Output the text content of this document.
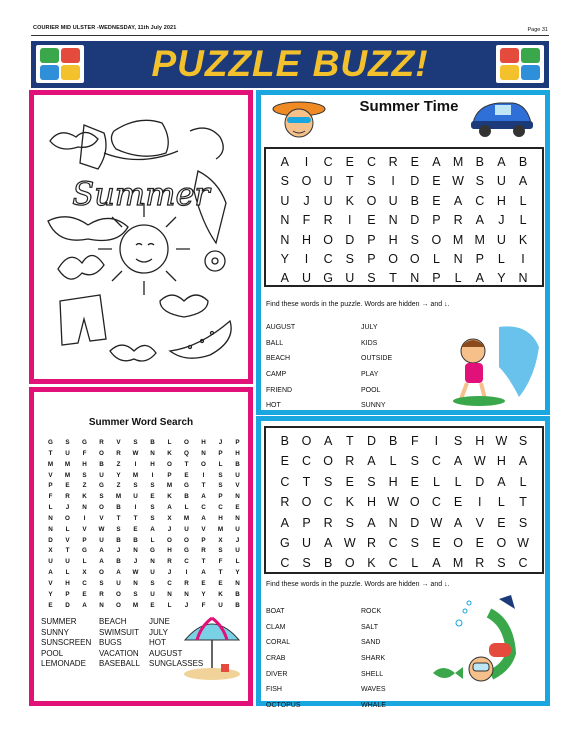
COURIER MID ULSTER -WEDNESDAY, 11th July 2021	Page 31
PUZZLE BUZZ!
Summer
Summer Word Search
G	S	G	R	V	S	B	L	O	H	J	P
T	U	F	O	R	W	N	K	Q	N	P	H
M	M	H	B	Z	I	H	O	T	O	L	B
V	M	S	U	Y	M	I	P	E	I	S	U
P	E	Z	G	Z	S	S	M	G	T	S	V
F	R	K	S	M	U	E	K	B	A	P	N
L	J	N	O	B	I	S	A	L	C	C	E
N	O	I	V	T	T	S	X	M	A	H	N
N	L	V	W	S	E	A	J	U	V	M	U
D	V	P	U	B	B	L	O	O	P	X	J
X	T	G	A	J	N	G	H	G	R	S	U
U	U	L	A	B	J	N	R	C	T	F	L
A	L	X	O	A	W	U	J	I	A	T	Y
V	H	C	S	U	N	S	C	R	E	E	N
Y	P	E	R	O	S	U	N	N	Y	K	B
E	D	A	N	O	M	E	L	J	F	U	B
SUMMER	BEACH	JUNE
SUNNY	SWIMSUIT	JULY
SUNSCREEN BUGS	HOT
POOL	VACATION	AUGUST
LEMONADE	BASEBALL	SUNGLASSES
Summer Time
A	I	C	E	C	R	E	A M B	A	B
S	O U	T	S	I	D	E W S	U	A
U	J	U	K	O U	B	E	A	C	H	L
N	F	R	I	E	N	D	P	R	A	J	L
N	H O D	P	H	S	O M M U	K
Y	I	C	S	P	O O	L	N	P	L	I
A	U G U	S	T	N	P	L	A	Y	N
Find these words in the puzzle. Words are hidden → and ↓.
AUGUST	JULY
BALL	KIDS
BEACH	OUTSIDE
CAMP	PLAY
FRIEND	POOL
HOT	SUNNY
B	O	A	T	D	B	F	I	S	H W S
E	C O R	A	L	S	C	A W H	A
C	T	S	E	S	H	E	L	L	D	A	L
R O C	K	H W O C	E	I	L	T
A	P	R	S	A	N	D W A	V	E	S
G U	A W R	C	S	E	O	E	O W
C	S	B	O	K	C	L	A M R	S	C
Find these words in the puzzle. Words are hidden → and ↓.
BOAT	ROCK
CLAM	SALT
CORAL	SAND
CRAB	SHARK
DIVER	SHELL
FISH	WAVES
OCTOPUS	WHALE
